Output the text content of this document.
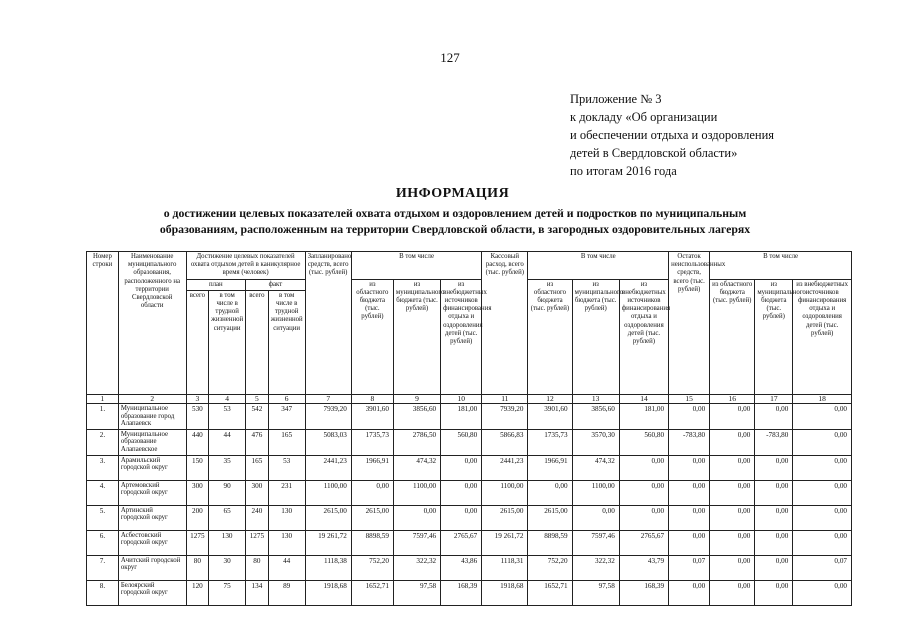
127
Приложение № 3
к докладу «Об организации
и обеспечении отдыха и оздоровления
детей в Свердловской области»
по итогам 2016 года
ИНФОРМАЦИЯ
о достижении целевых показателей охвата отдыхом и оздоровлением детей и подростков по муниципальным
образованиям, расположенным на территории Свердловской области, в загородных оздоровительных лагерях
Номер строки	Наименование муниципального образования, расположенного на территории Свердловской области	Достижение целевых показателей охвата отдыхом детей в каникулярное время (человек)				Запланировано средств, всего (тыс. рублей)	В том числе			Кассовый расход, всего (тыс. рублей)	В том числе			Остаток неиспользованных средств, всего (тыс. рублей)	В том числе		
		план		факт			из областного бюджета (тыс. рублей)	из муниципального бюджета (тыс. рублей)	из внебюджетных источников финансирования отдыха и оздоровления детей (тыс. рублей)		из областного бюджета (тыс. рублей)	из муниципального бюджета (тыс. рублей)	из внебюджетных источников финансирования отдыха и оздоровления детей (тыс. рублей)		из областного бюджета (тыс. рублей)	из муниципального бюджета (тыс. рублей)	из внебюджетных источников финансирования отдыха и оздоровления детей (тыс. рублей)
		всего	в том числе в трудной жизненной ситуации	всего	в том числе в трудной жизненной ситуации												
1	2	3	4	5	6	7	8	9	10	11	12	13	14	15	16	17	18
1.	Муниципальное образование город Алапаевск	530	53	542	347	7939,20	3901,60	3856,60	181,00	7939,20	3901,60	3856,60	181,00	0,00	0,00	0,00	0,00
2.	Муниципальное образование Алапаевское	440	44	476	165	5083,03	1735,73	2786,50	560,80	5866,83	1735,73	3570,30	560,80	-783,80	0,00	-783,80	0,00
3.	Арамильский городской округ	150	35	165	53	2441,23	1966,91	474,32	0,00	2441,23	1966,91	474,32	0,00	0,00	0,00	0,00	0,00
4.	Артемовский городской округ	300	90	300	231	1100,00	0,00	1100,00	0,00	1100,00	0,00	1100,00	0,00	0,00	0,00	0,00	0,00
5.	Артинский городской округ	200	65	240	130	2615,00	2615,00	0,00	0,00	2615,00	2615,00	0,00	0,00	0,00	0,00	0,00	0,00
6.	Асбестовский городской округ	1275	130	1275	130	19 261,72	8898,59	7597,46	2765,67	19 261,72	8898,59	7597,46	2765,67	0,00	0,00	0,00	0,00
7.	Ачитский городской округ	80	30	80	44	1118,38	752,20	322,32	43,86	1118,31	752,20	322,32	43,79	0,07	0,00	0,00	0,07
8.	Белоярский городской округ	120	75	134	89	1918,68	1652,71	97,58	168,39	1918,68	1652,71	97,58	168,39	0,00	0,00	0,00	0,00
